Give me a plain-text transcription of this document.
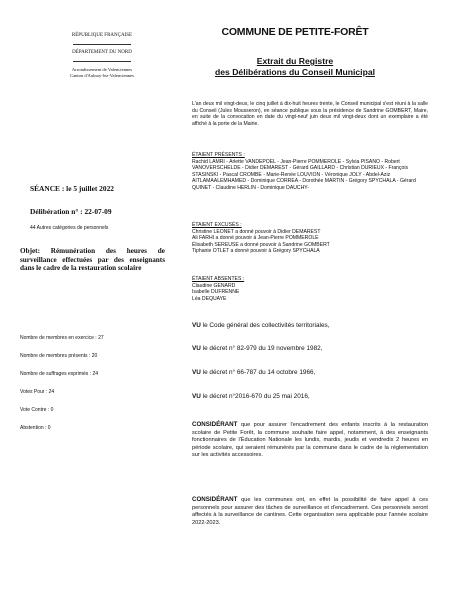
RÉPUBLIQUE FRANÇAISE
DÉPARTEMENT DU NORD
Arrondissement de Valenciennes
Canton d'Aulnoy-lez-Valenciennes
COMMUNE DE PETITE-FORÊT
Extrait du Registre
des Délibérations du Conseil Municipal
SÉANCE : le 5 juillet 2022
Délibération n° : 22-07-09
44 Autres catégories de personnels
Objet: Rémunération des heures de surveillance effectuées par des enseignants dans le cadre de la restauration scolaire
Nombre de membres en exercice : 27
Nombre de membres présents : 20
Nombre de suffrages exprimés : 24
Votes Pour : 24
Vote Contre : 0
Abstention : 0
L'an deux mil vingt-deux, le cinq juillet à dix-huit heures trente, le Conseil municipal s'est réuni à la salle du Conseil (Jules Mousseron), en séance publique sous la présidence de Sandrine GOMBERT, Maire, en suite de la convocation en date du vingt-neuf juin deux mil vingt-deux dont un exemplaire a été affiché à la porte de la Mairie.
ÉTAIENT PRÉSENTS :
Rachid LAMRI - Arlette VANDEPOEL - Jean-Pierre POMMEROLE - Sylvia PISANO - Robert VANOVERSCHELDE - Didier DEMAREST - Gérard GAILLARD - Christian DURIEUX - François STASINSKI - Pascal CROMBE - Marie-Renée LOUVION - Véronique JOLY - Abdel-Aziz AITLAMAALEMHAMED - Dominique CORREA - Dorothée MARTIN - Grégory SPYCHALA - Gérard QUINET - Claudine HERLIN - Dominique DAUCHY-
ÉTAIENT EXCUSÉS :
Christine LEONET a donné pouvoir à Didier DEMAREST
Ali FARHI a donné pouvoir à Jean-Pierre POMMEROLE
Élisabeth SEREUSE a donné pouvoir à Sandrine GOMBERT
Tiphanie OTLET a donné pouvoir à Grégory SPYCHALA
ÉTAIENT ABSENTES :
Claudine GENARD
Isabelle DUFRENNE
Léa DEQUAYE
VU le Code général des collectivités territoriales,
VU le décret n° 82-979 du 19 novembre 1982,
VU le décret n° 66-787 du 14 octobre 1966,
VU le décret n°2016-670 du 25 mai 2016,
CONSIDÉRANT que pour assurer l'encadrement des enfants inscrits à la restauration scolaire de Petite Forêt, la commune souhaite faire appel, notamment, à des enseignants fonctionnaires de l'Éducation Nationale les lundis, mardis, jeudis et vendredis 2 heures en période scolaire, qui seraient rémunérés par la commune dans le cadre de la réglementation sur les activités accessoires.
CONSIDÉRANT que les communes ont, en effet la possibilité de faire appel à ces personnels pour assurer des tâches de surveillance et d'encadrement. Ces personnels seront affectés à la surveillance de cantines. Cette organisation sera applicable pour l'année scolaire 2022-2023.
